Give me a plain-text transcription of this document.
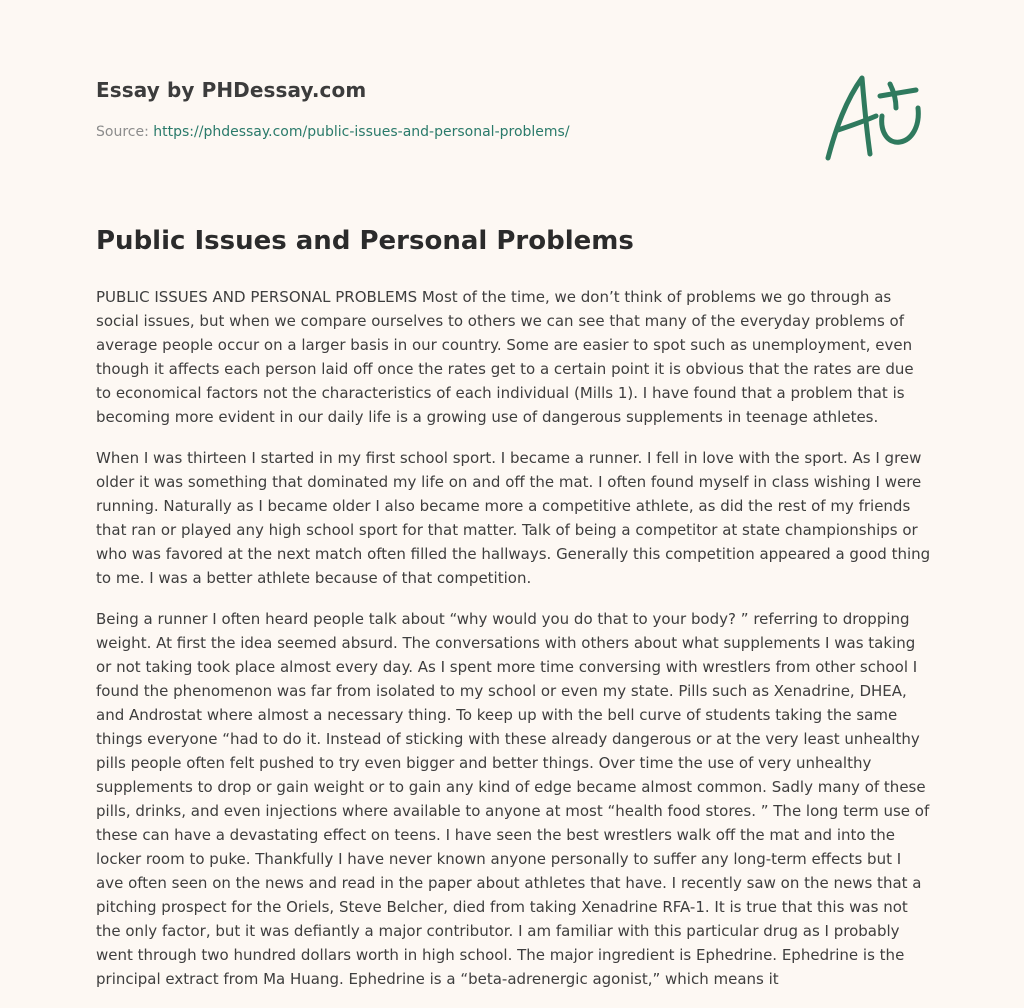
Essay by PHDessay.com
Source: https://phdessay.com/public-issues-and-personal-problems/
Public Issues and Personal Problems

PUBLIC ISSUES AND PERSONAL PROBLEMS Most of the time, we don’t think of problems we go through as social issues, but when we compare ourselves to others we can see that many of the everyday problems of average people occur on a larger basis in our country. Some are easier to spot such as unemployment, even though it affects each person laid off once the rates get to a certain point it is obvious that the rates are due to economical factors not the characteristics of each individual (Mills 1). I have found that a problem that is becoming more evident in our daily life is a growing use of dangerous supplements in teenage athletes.

When I was thirteen I started in my first school sport. I became a runner. I fell in love with the sport. As I grew older it was something that dominated my life on and off the mat. I often found myself in class wishing I were running. Naturally as I became older I also became more a competitive athlete, as did the rest of my friends that ran or played any high school sport for that matter. Talk of being a competitor at state championships or who was favored at the next match often filled the hallways. Generally this competition appeared a good thing to me. I was a better athlete because of that competition.

Being a runner I often heard people talk about “why would you do that to your body? ” referring to dropping weight. At first the idea seemed absurd. The conversations with others about what supplements I was taking or not taking took place almost every day. As I spent more time conversing with wrestlers from other school I found the phenomenon was far from isolated to my school or even my state. Pills such as Xenadrine, DHEA, and Androstat where almost a necessary thing. To keep up with the bell curve of students taking the same things everyone “had to do it. Instead of sticking with these already dangerous or at the very least unhealthy pills people often felt pushed to try even bigger and better things. Over time the use of very unhealthy supplements to drop or gain weight or to gain any kind of edge became almost common. Sadly many of these pills, drinks, and even injections where available to anyone at most “health food stores. ” The long term use of these can have a devastating effect on teens. I have seen the best wrestlers walk off the mat and into the locker room to puke. Thankfully I have never known anyone personally to suffer any long-term effects but I ave often seen on the news and read in the paper about athletes that have. I recently saw on the news that a pitching prospect for the Oriels, Steve Belcher, died from taking Xenadrine RFA-1. It is true that this was not the only factor, but it was defiantly a major contributor. I am familiar with this particular drug as I probably went through two hundred dollars worth in high school. The major ingredient is Ephedrine. Ephedrine is the principal extract from Ma Huang. Ephedrine is a “beta-adrenergic agonist,” which means it
